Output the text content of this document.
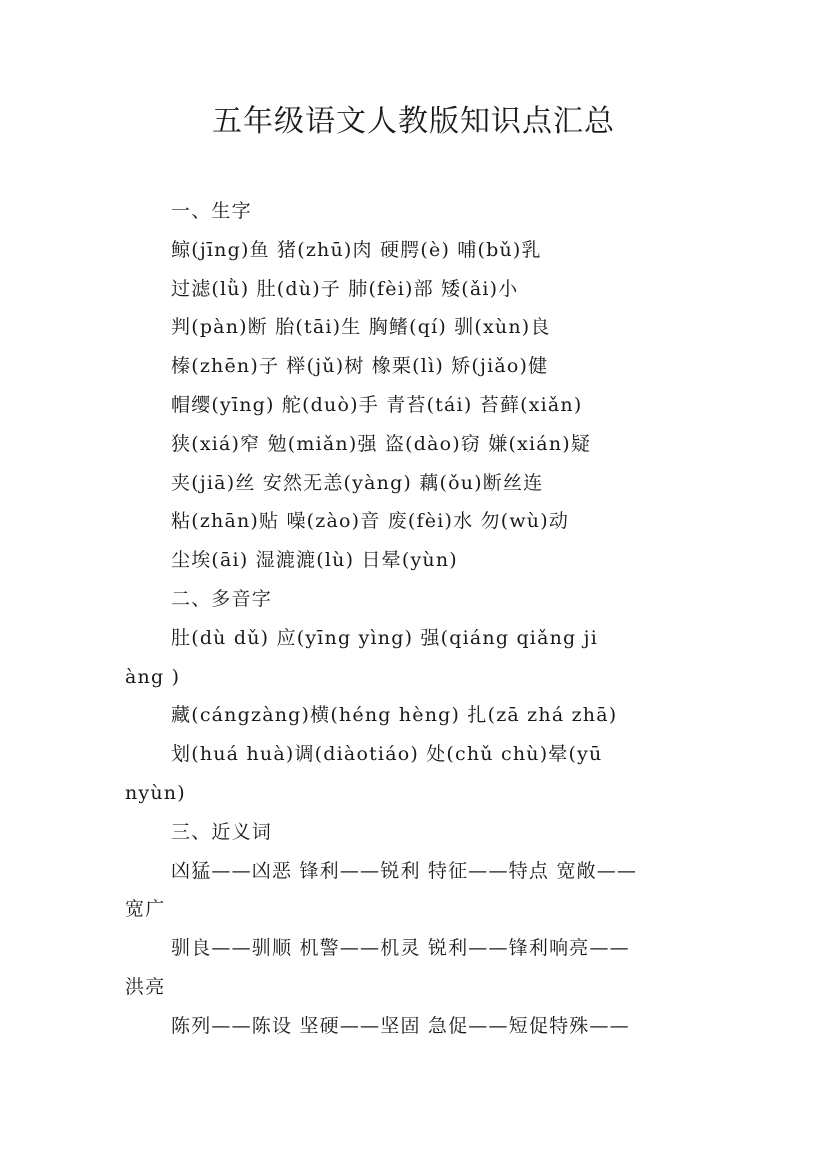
五年级语文人教版知识点汇总
一、生字
鲸(jīng)鱼 猪(zhū)肉 硬腭(è) 哺(bǔ)乳
过滤(lǜ) 肚(dù)子 肺(fèi)部 矮(ǎi)小
判(pàn)断 胎(tāi)生 胸鳍(qí) 驯(xùn)良
榛(zhēn)子 榉(jǔ)树 橡栗(lì) 矫(jiǎo)健
帽缨(yīng) 舵(duò)手 青苔(tái) 苔藓(xiǎn)
狭(xiá)窄 勉(miǎn)强 盗(dào)窃 嫌(xián)疑
夹(jiā)丝 安然无恙(yàng) 藕(ǒu)断丝连
粘(zhān)贴 噪(zào)音 废(fèi)水 勿(wù)动
尘埃(āi) 湿漉漉(lù) 日晕(yùn)
二、多音字
肚(dù dǔ) 应(yīng yìng) 强(qiáng qiǎng ji
àng )
藏(cángzàng)横(héng hèng) 扎(zā zhá zhā)
划(huá huà)调(diàotiáo) 处(chǔ chù)晕(yū
nyùn)
三、近义词
凶猛——凶恶 锋利——锐利 特征——特点 宽敞——
宽广
驯良——驯顺 机警——机灵 锐利——锋利响亮——
洪亮
陈列——陈设 坚硬——坚固 急促——短促特殊——
